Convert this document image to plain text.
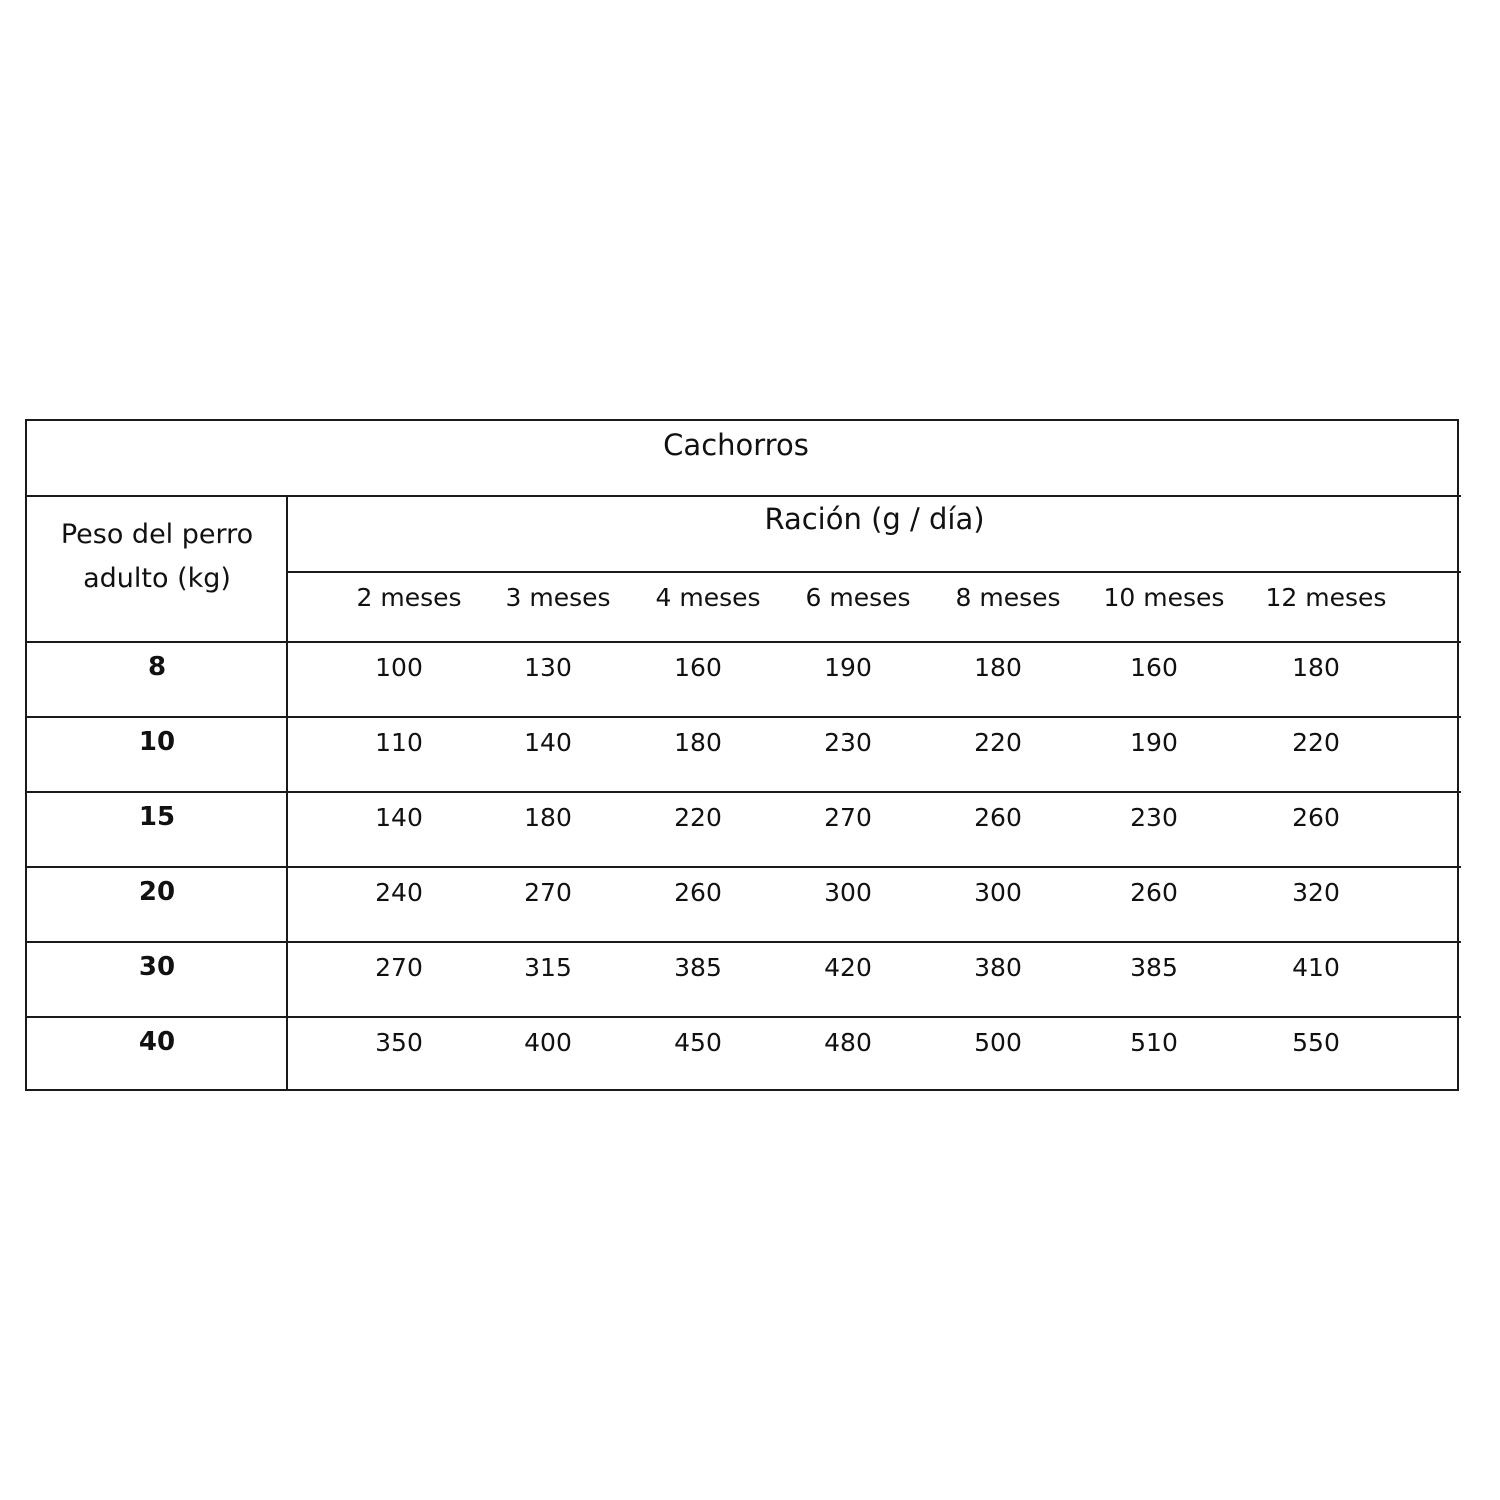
Cachorros
Peso del perro adulto (kg)
Ración (g / día)
2 meses 3 meses 4 meses 6 meses 8 meses 10 meses 12 meses
8	100	130	160	190	180	160	180
10	110	140	180	230	220	190	220
15	140	180	220	270	260	230	260
20	240	270	260	300	300	260	320
30	270	315	385	420	380	385	410
40	350	400	450	480	500	510	550
